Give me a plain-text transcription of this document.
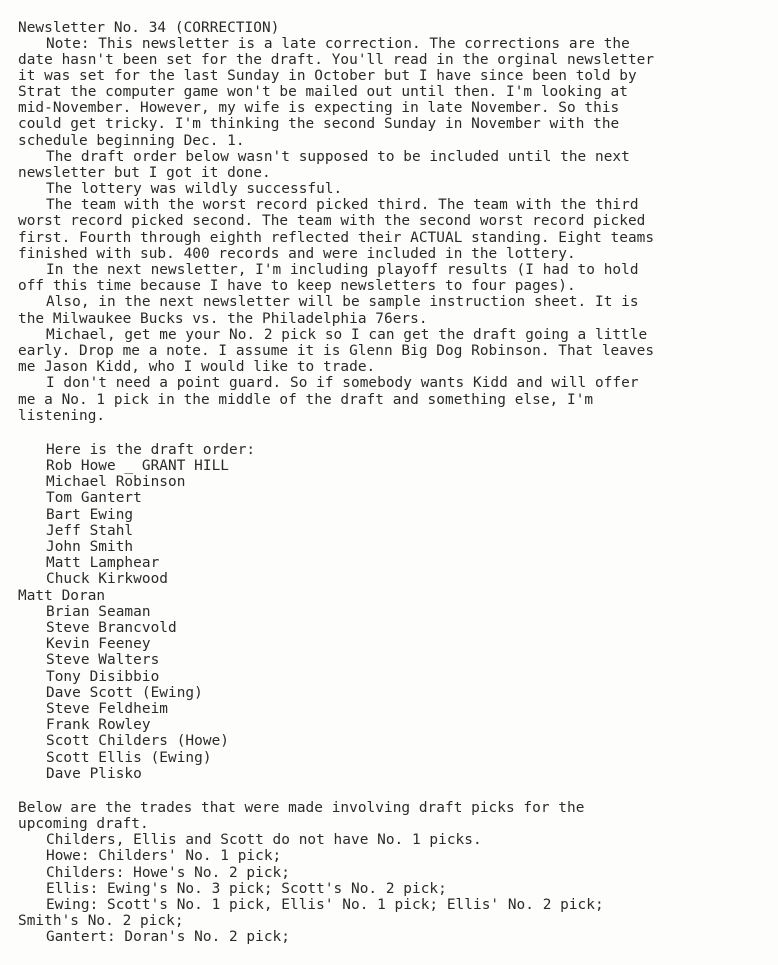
Newsletter No. 34 (CORRECTION)
Note: This newsletter is a late correction. The corrections are the
date hasn't been set for the draft. You'll read in the orginal newsletter
it was set for the last Sunday in October but I have since been told by
Strat the computer game won't be mailed out until then. I'm looking at
mid-November. However, my wife is expecting in late November. So this
could get tricky. I'm thinking the second Sunday in November with the
schedule beginning Dec. 1.
The draft order below wasn't supposed to be included until the next
newsletter but I got it done.
The lottery was wildly successful.
The team with the worst record picked third. The team with the third
worst record picked second. The team with the second worst record picked
first. Fourth through eighth reflected their ACTUAL standing. Eight teams
finished with sub. 400 records and were included in the lottery.
In the next newsletter, I'm including playoff results (I had to hold
off this time because I have to keep newsletters to four pages).
Also, in the next newsletter will be sample instruction sheet. It is
the Milwaukee Bucks vs. the Philadelphia 76ers.
Michael, get me your No. 2 pick so I can get the draft going a little
early. Drop me a note. I assume it is Glenn Big Dog Robinson. That leaves
me Jason Kidd, who I would like to trade.
I don't need a point guard. So if somebody wants Kidd and will offer
me a No. 1 pick in the middle of the draft and something else, I'm
listening.
Here is the draft order:
Rob Howe _ GRANT HILL
Michael Robinson
Tom Gantert
Bart Ewing
Jeff Stahl
John Smith
Matt Lamphear
Chuck Kirkwood
Matt Doran
Brian Seaman
Steve Brancvold
Kevin Feeney
Steve Walters
Tony Disibbio
Dave Scott (Ewing)
Steve Feldheim
Frank Rowley
Scott Childers (Howe)
Scott Ellis (Ewing)
Dave Plisko
Below are the trades that were made involving draft picks for the
upcoming draft.
Childers, Ellis and Scott do not have No. 1 picks.
Howe: Childers' No. 1 pick;
Childers: Howe's No. 2 pick;
Ellis: Ewing's No. 3 pick; Scott's No. 2 pick;
Ewing: Scott's No. 1 pick, Ellis' No. 1 pick; Ellis' No. 2 pick;
Smith's No. 2 pick;
Gantert: Doran's No. 2 pick;
